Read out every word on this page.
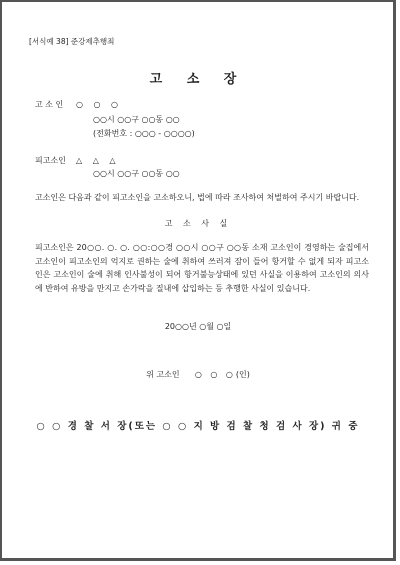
[서식예 38] 준강제추행죄
고 소 장
고 소 인 ○ ○ ○
○○시 ○○구 ○○동 ○○
(전화번호 : ○○○ - ○○○○)
피고소인 △ △ △
○○시 ○○구 ○○동 ○○
고소인은 다음과 같이 피고소인을 고소하오니, 법에 따라 조사하여 처벌하여 주시기 바랍니다.
고 소 사 실

피고소인은 20○○. ○. ○. ○○:○○경 ○○시 ○○구 ○○동 소재 고소인이 경영하는 술집에서 고소인이 피고소인의 억지로 권하는 술에 취하여 쓰러져 잠이 들어 항거할 수 없게 되자 피고소인은 고소인이 술에 취해 인사불성이 되어 항거불능상태에 있던 사실을 이용하여 고소인의 의사에 반하여 유방을 만지고 손가락을 질내에 삽입하는 등 추행한 사실이 있습니다.

20○○년 ○월 ○일
위 고소인 ○ ○ ○(인)
○ ○ 경 찰 서 장(또는 ○ ○ 지 방 검 찰 청 검 사 장) 귀 중
